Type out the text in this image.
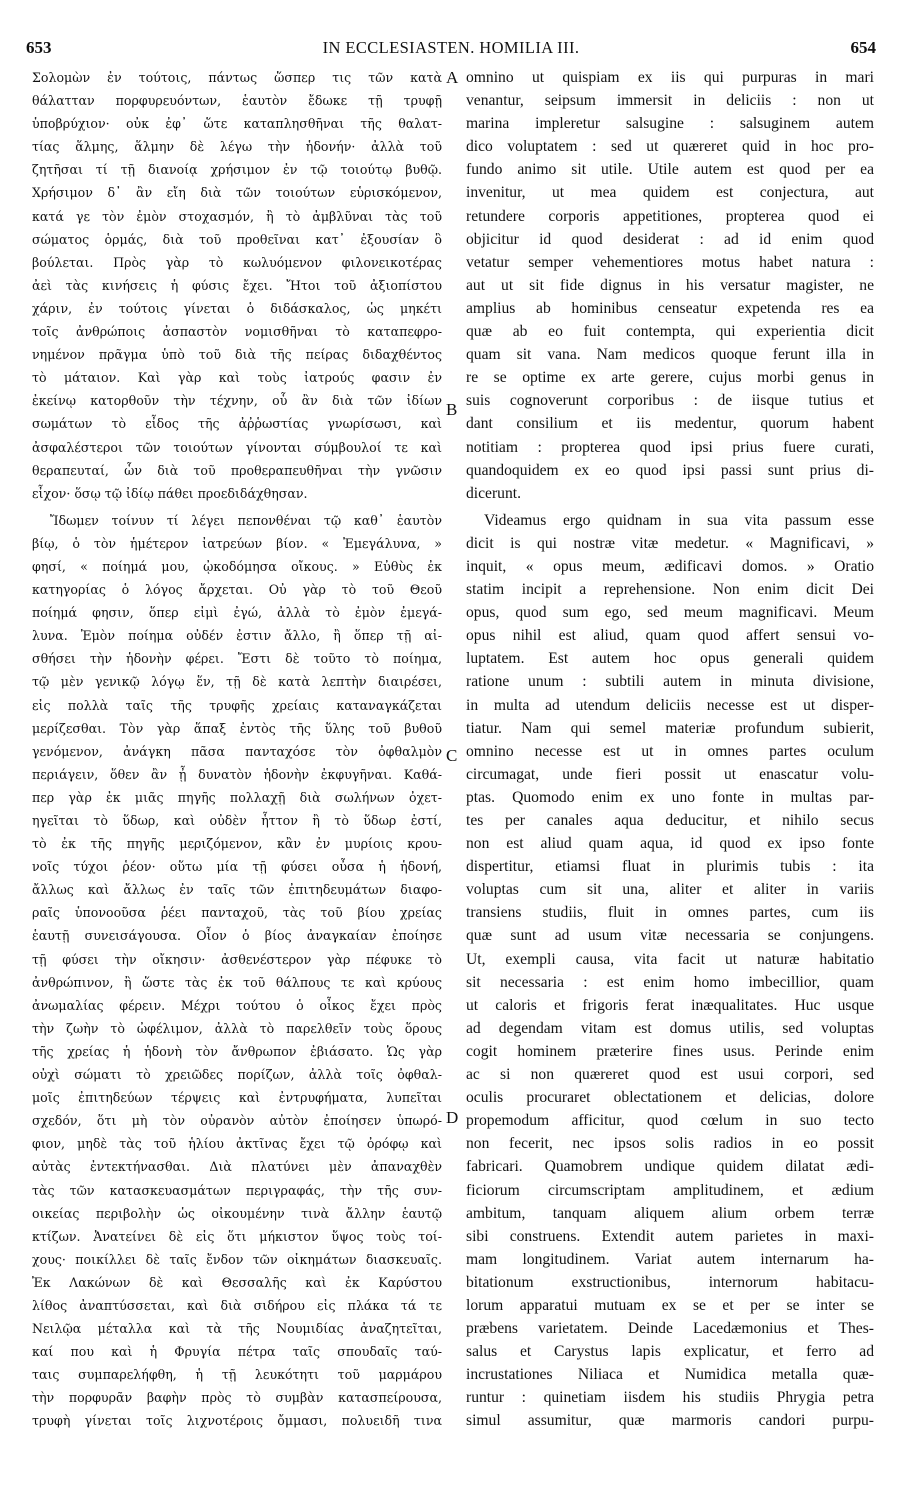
653	IN ECCLESIASTEN. HOMILIA III.	654
Σολομὼν ἐν τούτοις, πάντως ὥσπερ τις τῶν κατὰ
θάλατταν πορφυρευόντων, ἑαυτὸν ἔδωκε τῇ τρυφῇ
ὑποβρύχιον· οὐκ ἐφ᾽ ὥτε καταπλησθῆναι τῆς θαλατ-
τίας ἅλμης, ἅλμην δὲ λέγω τὴν ἡδονήν· ἀλλὰ τοῦ
ζητῆσαι τί τῇ διανοίᾳ χρήσιμον ἐν τῷ τοιούτῳ βυθῷ.
Χρήσιμον δ᾽ ἂν εἴη διὰ τῶν τοιούτων εὑρισκόμενον,
κατά γε τὸν ἐμὸν στοχασμόν, ἢ τὸ ἀμβλῦναι τὰς τοῦ
σώματος ὁρμάς, διὰ τοῦ προθεῖναι κατ᾽ ἐξουσίαν ὃ
βούλεται. Πρὸς γὰρ τὸ κωλυόμενον φιλονεικοτέρας
ἀεὶ τὰς κινήσεις ἡ φύσις ἔχει. Ἤτοι τοῦ ἀξιοπίστου
χάριν, ἐν τούτοις γίνεται ὁ διδάσκαλος, ὡς μηκέτι
τοῖς ἀνθρώποις ἀσπαστὸν νομισθῆναι τὸ καταπεφρο-
νημένον πρᾶγμα ὑπὸ τοῦ διὰ τῆς πείρας διδαχθέντος
τὸ μάταιον. Καὶ γὰρ καὶ τοὺς ἰατρούς φασιν ἐν
ἐκείνῳ κατορθοῦν τὴν τέχνην, οὗ ἂν διὰ τῶν ἰδίων
σωμάτων τὸ εἶδος τῆς ἀῤῥωστίας γνωρίσωσι, καὶ
ἀσφαλέστεροι τῶν τοιούτων γίνονται σύμβουλοί τε καὶ
θεραπευταί, ὧν διὰ τοῦ προθεραπευθῆναι τὴν γνῶσιν
εἶχον· ὅσῳ τῷ ἰδίῳ πάθει προεδιδάχθησαν.
Ἴδωμεν τοίνυν τί λέγει πεπονθέναι τῷ καθ᾽ ἑαυτὸν
βίῳ, ὁ τὸν ἡμέτερον ἰατρεύων βίον. « Ἐμεγάλυνα, »
φησί, « ποίημά μου, ᾠκοδόμησα οἴκους. » Εὐθὺς ἐκ
κατηγορίας ὁ λόγος ἄρχεται. Οὐ γὰρ τὸ τοῦ Θεοῦ
ποίημά φησιν, ὅπερ εἰμὶ ἐγώ, ἀλλὰ τὸ ἐμὸν ἐμεγά-
λυνα. Ἐμὸν ποίημα οὐδέν ἐστιν ἄλλο, ἢ ὅπερ τῇ αἰ-
σθήσει τὴν ἡδονὴν φέρει. Ἔστι δὲ τοῦτο τὸ ποίημα,
τῷ μὲν γενικῷ λόγῳ ἕν, τῇ δὲ κατὰ λεπτὴν διαιρέσει,
εἰς πολλὰ ταῖς τῆς τρυφῆς χρείαις καταναγκάζεται
μερίζεσθαι. Τὸν γὰρ ἅπαξ ἐντὸς τῆς ὕλης τοῦ βυθοῦ
γενόμενον, ἀνάγκη πᾶσα πανταχόσε τὸν ὀφθαλμὸν
περιάγειν, ὅθεν ἂν ᾖ δυνατὸν ἡδονὴν ἐκφυγῆναι. Καθά-
περ γὰρ ἐκ μιᾶς πηγῆς πολλαχῇ διὰ σωλήνων ὀχετ-
ηγεῖται τὸ ὕδωρ, καὶ οὐδὲν ἧττον ἢ τὸ ὕδωρ ἐστί,
τὸ ἐκ τῆς πηγῆς μεριζόμενον, κἂν ἐν μυρίοις κρου-
νοῖς τύχοι ῥέον· οὕτω μία τῇ φύσει οὖσα ἡ ἡδονή,
ἄλλως καὶ ἄλλως ἐν ταῖς τῶν ἐπιτηδευμάτων διαφο-
ραῖς ὑπονοοῦσα ῥέει πανταχοῦ, τὰς τοῦ βίου χρείας
ἑαυτῇ συνεισάγουσα. Οἶον ὁ βίος ἀναγκαίαν ἐποίησε
τῇ φύσει τὴν οἴκησιν· ἀσθενέστερον γὰρ πέφυκε τὸ
ἀνθρώπινον, ἢ ὥστε τὰς ἐκ τοῦ θάλπους τε καὶ κρύους
ἀνωμαλίας φέρειν. Μέχρι τούτου ὁ οἶκος ἔχει πρὸς
τὴν ζωὴν τὸ ὠφέλιμον, ἀλλὰ τὸ παρελθεῖν τοὺς ὅρους
τῆς χρείας ἡ ἡδονὴ τὸν ἄνθρωπον ἐβιάσατο. Ὡς γὰρ
οὐχὶ σώματι τὸ χρειῶδες πορίζων, ἀλλὰ τοῖς ὀφθαλ-
μοῖς ἐπιτηδεύων τέρψεις καὶ ἐντρυφήματα, λυπεῖται
σχεδόν, ὅτι μὴ τὸν οὐρανὸν αὐτὸν ἐποίησεν ὑπωρό-
φιον, μηδὲ τὰς τοῦ ἡλίου ἀκτῖνας ἔχει τῷ ὀρόφῳ καὶ
αὐτὰς ἐντεκτήνασθαι. Διὰ πλατύνει μὲν ἀπαναχθὲν
τὰς τῶν κατασκευασμάτων περιγραφάς, τὴν τῆς συν-
οικείας περιβολὴν ὡς οἰκουμένην τινὰ ἄλλην ἑαυτῷ
κτίζων. Ἀνατείνει δὲ εἰς ὅτι μήκιστον ὕψος τοὺς τοί-
χους· ποικίλλει δὲ ταῖς ἔνδον τῶν οἰκημάτων διασκευαῖς.
Ἐκ Λακώνων δὲ καὶ Θεσσαλῆς καὶ ἐκ Καρύστου
λίθος ἀναπτύσσεται, καὶ διὰ σιδήρου εἰς πλάκα τά τε
Νειλῷα μέταλλα καὶ τὰ τῆς Νουμιδίας ἀναζητεῖται,
καί που καὶ ἡ Φρυγία πέτρα ταῖς σπουδαῖς ταύ-
ταις συμπαρελήφθη, ἡ τῇ λευκότητι τοῦ μαρμάρου
τὴν πορφυρᾶν βαφὴν πρὸς τὸ συμβὰν κατασπείρουσα,
τρυφὴ γίνεται τοῖς λιχνοτέροις ὄμμασι, πολυειδῆ τινα
omnino ut quispiam ex iis qui purpuras in mari
venantur, seipsum immersit in deliciis : non ut
marina impleretur salsugine : salsuginem autem
dico voluptatem : sed ut quæreret quid in hoc pro-
fundo animo sit utile. Utile autem est quod per ea
invenitur, ut mea quidem est conjectura, aut
retundere corporis appetitiones, propterea quod ei
objicitur id quod desiderat : ad id enim quod
vetatur semper vehementiores motus habet natura :
aut ut sit fide dignus in his versatur magister, ne
amplius ab hominibus censeatur expetenda res ea
quæ ab eo fuit contempta, qui experientia dicit
quam sit vana. Nam medicos quoque ferunt illa in
re se optime ex arte gerere, cujus morbi genus in
suis cognoverunt corporibus : de iisque tutius et
dant consilium et iis medentur, quorum habent
notitiam : propterea quod ipsi prius fuere curati,
quandoquidem ex eo quod ipsi passi sunt prius di-
dicerunt.
Videamus ergo quidnam in sua vita passum esse
dicit is qui nostræ vitæ medetur. « Magnificavi, »
inquit, « opus meum, ædificavi domos. » Oratio
statim incipit a reprehensione. Non enim dicit Dei
opus, quod sum ego, sed meum magnificavi. Meum
opus nihil est aliud, quam quod affert sensui vo-
luptatem. Est autem hoc opus generali quidem
ratione unum : subtili autem in minuta divisione,
in multa ad utendum deliciis necesse est ut disper-
tiatur. Nam qui semel materiæ profundum subierit,
omnino necesse est ut in omnes partes oculum
circumagat, unde fieri possit ut enascatur volu-
ptas. Quomodo enim ex uno fonte in multas par-
tes per canales aqua deducitur, et nihilo secus
non est aliud quam aqua, id quod ex ipso fonte
dispertitur, etiamsi fluat in plurimis tubis : ita
voluptas cum sit una, aliter et aliter in variis
transiens studiis, fluit in omnes partes, cum iis
quæ sunt ad usum vitæ necessaria se conjungens.
Ut, exempli causa, vita facit ut naturæ habitatio
sit necessaria : est enim homo imbecillior, quam
ut caloris et frigoris ferat inæqualitates. Huc usque
ad degendam vitam est domus utilis, sed voluptas
cogit hominem præterire fines usus. Perinde enim
ac si non quæreret quod est usui corpori, sed
oculis procuraret oblectationem et delicias, dolore
propemodum afficitur, quod cœlum in suo tecto
non fecerit, nec ipsos solis radios in eo possit
fabricari. Quamobrem undique quidem dilatat ædi-
ficiorum circumscriptam amplitudinem, et ædium
ambitum, tanquam aliquem alium orbem terræ
sibi construens. Extendit autem parietes in maxi-
mam longitudinem. Variat autem internarum ha-
bitationum exstructionibus, internorum habitacu-
lorum apparatui mutuam ex se et per se inter se
præbens varietatem. Deinde Lacedæmonius et Thes-
salus et Carystus lapis explicatur, et ferro ad
incrustationes Niliaca et Numidica metalla quæ-
runtur : quinetiam iisdem his studiis Phrygia petra
simul assumitur, quæ marmoris candori purpu-
A
B
C
D
